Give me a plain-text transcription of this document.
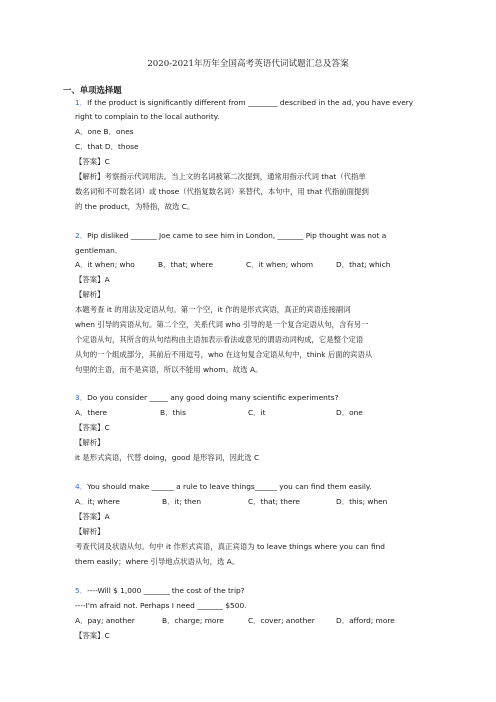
2020-2021年历年全国高考英语代词试题汇总及答案
一、单项选择题
1．If the product is significantly different from ________ described in the ad, you have every
right to complain to the local authority.
A．one B．ones
C．that D．those
【答案】C
【解析】考察指示代词用法。当上文的名词被第二次提到，通常用指示代词 that（代指单
数名词和不可数名词）或 those（代指复数名词）来替代，本句中，用 that 代指前面提到
的 the product，为特指，故选 C。
2．Pip disliked _______ Joe came to see him in London, _______ Pip thought was not a
gentleman.
A．it when; who	B．that; where	C．it when; whom	D．that; which
【答案】A
【解析】
本题考查 it 的用法及定语从句。第一个空，it 作的是形式宾语，真正的宾语连接副词
when 引导的宾语从句。第二个空，关系代词 who 引导的是一个复合定语从句，含有另一
个定语从句，其所含的从句结构由主语加表示看法或意见的谓语动词构成，它是整个定语
从句的一个组成部分，其前后不用逗号，who 在这句复合定语从句中，think 后面的宾语从
句里的主语，而不是宾语，所以不能用 whom。故选 A。
3．Do you consider _____ any good doing many scientific experiments?
A．there	B．this	C．it	D．one
【答案】C
【解析】
it 是形式宾语，代替 doing，good 是形容词，因此选 C
4．You should make ______ a rule to leave things______ you can find them easily.
A．it; where	B．it; then	C．that; there	D．this; when
【答案】A
【解析】
考查代词及状语从句。句中 it 作形式宾语，真正宾语为 to leave things where you can find
them easily；where 引导地点状语从句，选 A。
5．----Will $ 1,000 _______ the cost of the trip?
----I'm afraid not. Perhaps I need _______ $500.
A．pay; another	B．charge; more	C．cover; another	D．afford; more
【答案】C
